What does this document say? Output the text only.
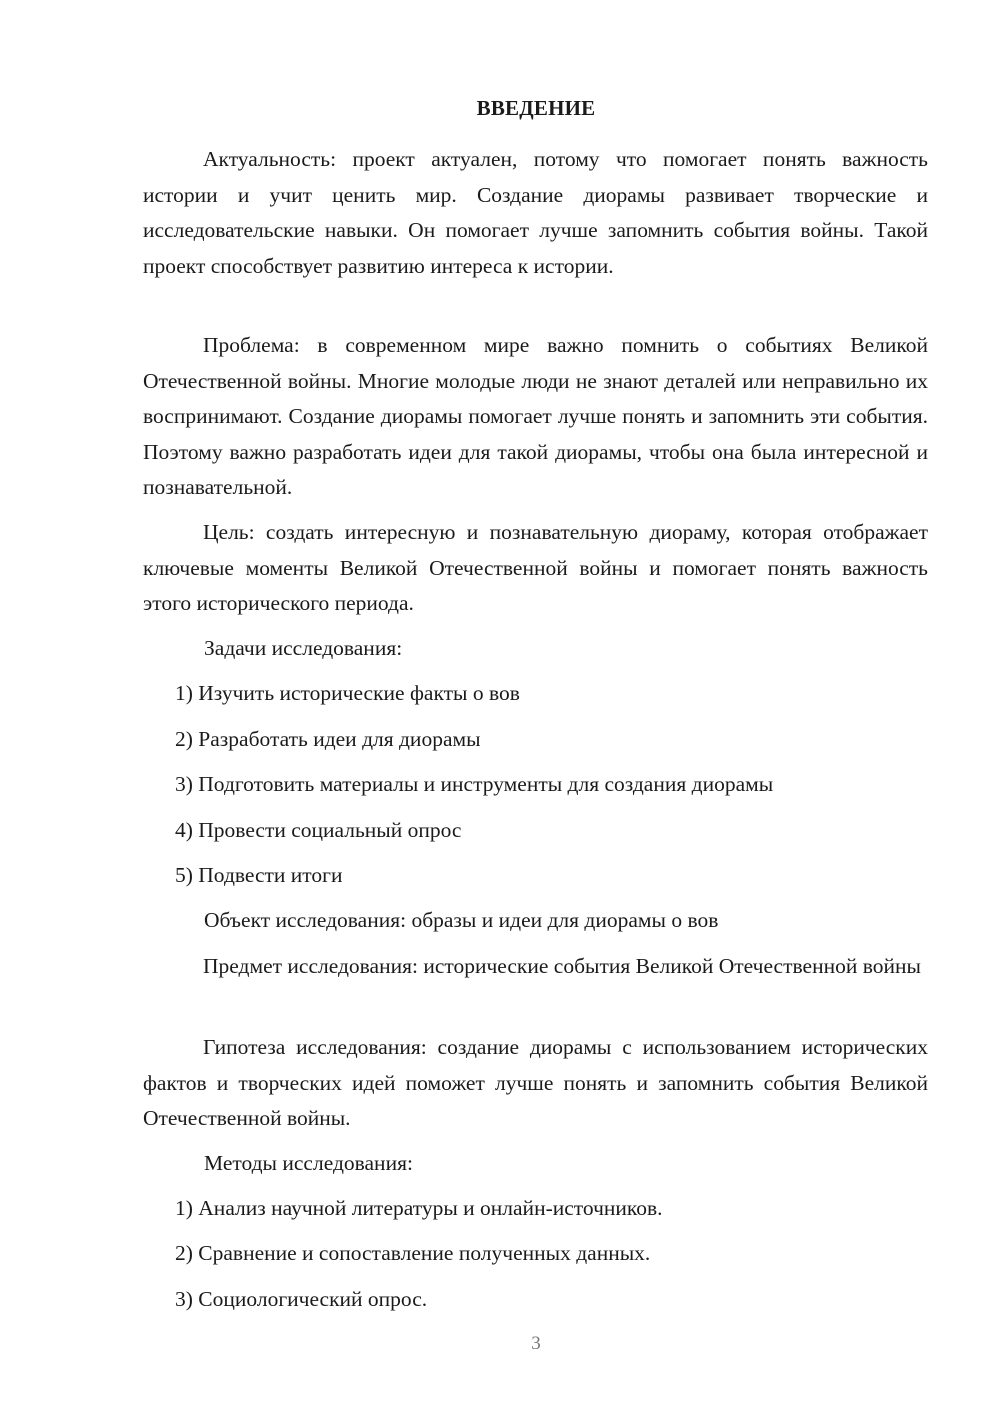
ВВЕДЕНИЕ

Актуальность: проект актуален, потому что помогает понять важность истории и учит ценить мир. Создание диорамы развивает творческие и исследовательские навыки. Он помогает лучше запомнить события войны. Такой проект способствует развитию интереса к истории.

Проблема: в современном мире важно помнить о событиях Великой Отечественной войны. Многие молодые люди не знают деталей или неправильно их воспринимают. Создание диорамы помогает лучше понять и запомнить эти события. Поэтому важно разработать идеи для такой диорамы, чтобы она была интересной и познавательной.

Цель: создать интересную и познавательную диораму, которая отображает ключевые моменты Великой Отечественной войны и помогает понять важность этого исторического периода.

Задачи исследования:
1) Изучить исторические факты о вов
2) Разработать идеи для диорамы
3) Подготовить материалы и инструменты для создания диорамы
4) Провести социальный опрос
5) Подвести итоги
Объект исследования: образы и идеи для диорамы о вов

Предмет исследования: исторические события Великой Отечественной войны

Гипотеза исследования: создание диорамы с использованием исторических фактов и творческих идей поможет лучше понять и запомнить события Великой Отечественной войны.

Методы исследования:
1) Анализ научной литературы и онлайн-источников.
2) Сравнение и сопоставление полученных данных.
3) Социологический опрос.
3
